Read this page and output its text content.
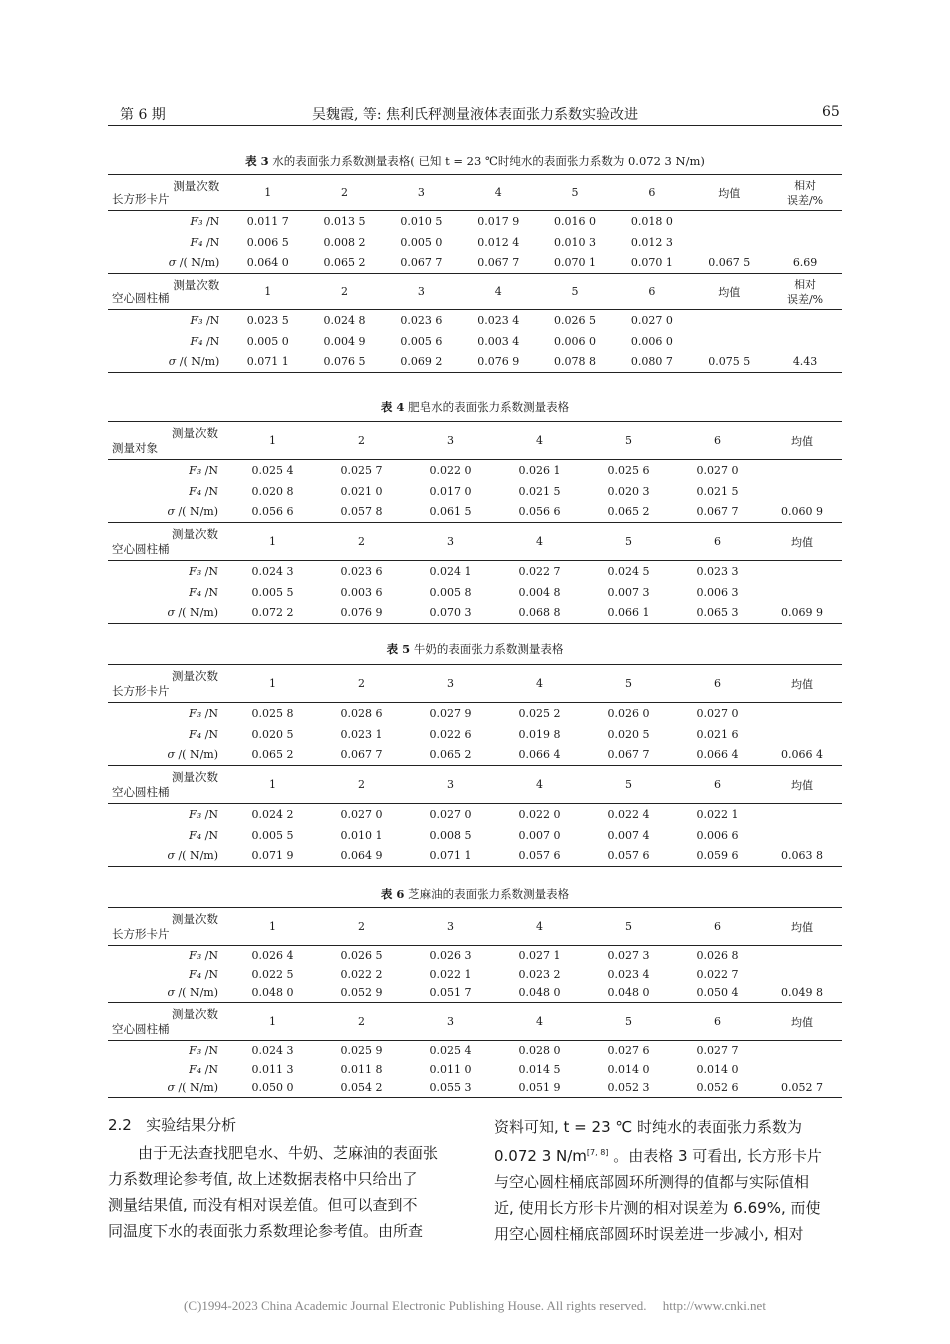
第 6 期	吴魏霞, 等: 焦利氏秤测量液体表面张力系数实验改进	65
表 3 水的表面张力系数测量表格( 已知 t = 23 ℃时纯水的表面张力系数为 0.072 3 N/m)
测量次数
长方形卡片	1	2	3	4	5	6	均值	相对
误差/%
F₃ /N	0.011 7	0.013 5	0.010 5	0.017 9	0.016 0	0.018 0		
F₄ /N	0.006 5	0.008 2	0.005 0	0.012 4	0.010 3	0.012 3		
σ /( N/m)	0.064 0	0.065 2	0.067 7	0.067 7	0.070 1	0.070 1	0.067 5	6.69

测量次数
空心圆柱桶	1	2	3	4	5	6	均值	相对
误差/%
F₃ /N	0.023 5	0.024 8	0.023 6	0.023 4	0.026 5	0.027 0		
F₄ /N	0.005 0	0.004 9	0.005 6	0.003 4	0.006 0	0.006 0		
σ /( N/m)	0.071 1	0.076 5	0.069 2	0.076 9	0.078 8	0.080 7	0.075 5	4.43
表 4 肥皂水的表面张力系数测量表格
测量次数
测量对象	1	2	3	4	5	6	均值
F₃ /N	0.025 4	0.025 7	0.022 0	0.026 1	0.025 6	0.027 0	
F₄ /N	0.020 8	0.021 0	0.017 0	0.021 5	0.020 3	0.021 5	
σ /( N/m)	0.056 6	0.057 8	0.061 5	0.056 6	0.065 2	0.067 7	0.060 9

测量次数
空心圆柱桶	1	2	3	4	5	6	均值
F₃ /N	0.024 3	0.023 6	0.024 1	0.022 7	0.024 5	0.023 3	
F₄ /N	0.005 5	0.003 6	0.005 8	0.004 8	0.007 3	0.006 3	
σ /( N/m)	0.072 2	0.076 9	0.070 3	0.068 8	0.066 1	0.065 3	0.069 9
表 5 牛奶的表面张力系数测量表格
测量次数
长方形卡片	1	2	3	4	5	6	均值
F₃ /N	0.025 8	0.028 6	0.027 9	0.025 2	0.026 0	0.027 0	
F₄ /N	0.020 5	0.023 1	0.022 6	0.019 8	0.020 5	0.021 6	
σ /( N/m)	0.065 2	0.067 7	0.065 2	0.066 4	0.067 7	0.066 4	0.066 4

测量次数
空心圆柱桶	1	2	3	4	5	6	均值
F₃ /N	0.024 2	0.027 0	0.027 0	0.022 0	0.022 4	0.022 1	
F₄ /N	0.005 5	0.010 1	0.008 5	0.007 0	0.007 4	0.006 6	
σ /( N/m)	0.071 9	0.064 9	0.071 1	0.057 6	0.057 6	0.059 6	0.063 8
表 6 芝麻油的表面张力系数测量表格
测量次数
长方形卡片	1	2	3	4	5	6	均值
F₃ /N	0.026 4	0.026 5	0.026 3	0.027 1	0.027 3	0.026 8	
F₄ /N	0.022 5	0.022 2	0.022 1	0.023 2	0.023 4	0.022 7	
σ /( N/m)	0.048 0	0.052 9	0.051 7	0.048 0	0.048 0	0.050 4	0.049 8

测量次数
空心圆柱桶	1	2	3	4	5	6	均值
F₃ /N	0.024 3	0.025 9	0.025 4	0.028 0	0.027 6	0.027 7	
F₄ /N	0.011 3	0.011 8	0.011 0	0.014 5	0.014 0	0.014 0	
σ /( N/m)	0.050 0	0.054 2	0.055 3	0.051 9	0.052 3	0.052 6	0.052 7
2.2 实验结果分析

由于无法查找肥皂水、牛奶、芝麻油的表面张

力系数理论参考值, 故上述数据表格中只给出了

测量结果值, 而没有相对误差值。但可以查到不

同温度下水的表面张力系数理论参考值。由所查

资料可知, t = 23 ℃ 时纯水的表面张力系数为

0.072 3 N/m[7, 8] 。由表格 3 可看出, 长方形卡片

与空心圆柱桶底部圆环所测得的值都与实际值相

近, 使用长方形卡片测的相对误差为 6.69%, 而使

用空心圆柱桶底部圆环时误差进一步减小, 相对

(C)1994-2023 China Academic Journal Electronic Publishing House. All rights reserved. http://www.cnki.net
